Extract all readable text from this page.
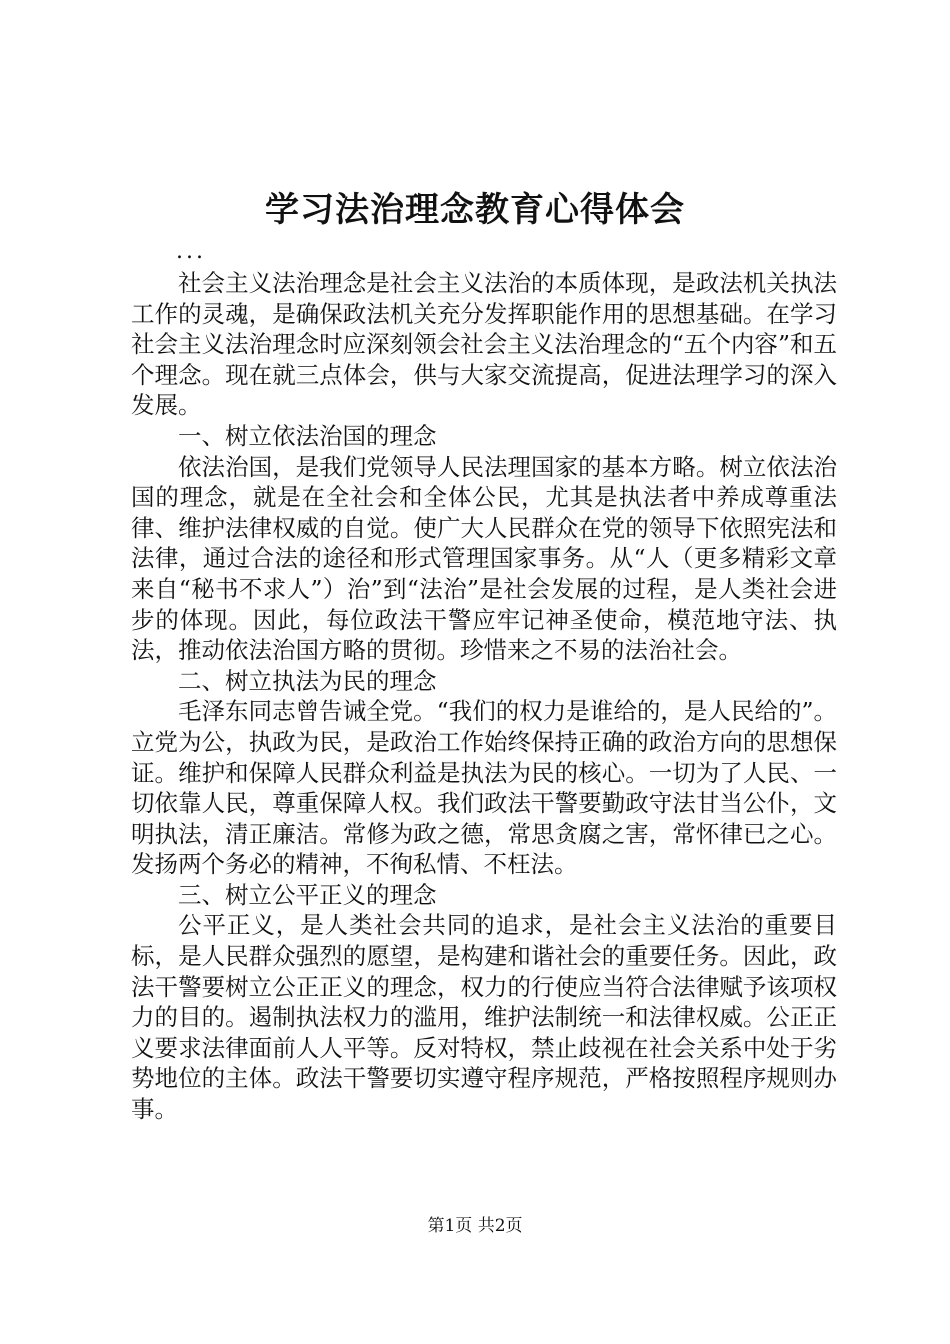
学习法治理念教育心得体会
...

社会主义法治理念是社会主义法治的本质体现，是政法机关执法工作的灵魂，是确保政法机关充分发挥职能作用的思想基础。在学习社会主义法治理念时应深刻领会社会主义法治理念的“五个内容”和五个理念。现在就三点体会，供与大家交流提高，促进法理学习的深入发展。

一、树立依法治国的理念

依法治国，是我们党领导人民法理国家的基本方略。树立依法治国的理念，就是在全社会和全体公民，尤其是执法者中养成尊重法律、维护法律权威的自觉。使广大人民群众在党的领导下依照宪法和法律，通过合法的途径和形式管理国家事务。从“人（更多精彩文章来自“秘书不求人”）治”到“法治”是社会发展的过程，是人类社会进步的体现。因此，每位政法干警应牢记神圣使命，模范地守法、执法，推动依法治国方略的贯彻。珍惜来之不易的法治社会。

二、树立执法为民的理念

毛泽东同志曾告诫全党。“我们的权力是谁给的，是人民给的”。立党为公，执政为民，是政治工作始终保持正确的政治方向的思想保证。维护和保障人民群众利益是执法为民的核心。一切为了人民、一切依靠人民，尊重保障人权。我们政法干警要勤政守法甘当公仆，文明执法，清正廉洁。常修为政之德，常思贪腐之害，常怀律已之心。发扬两个务必的精神，不徇私情、不枉法。

三、树立公平正义的理念

公平正义，是人类社会共同的追求，是社会主义法治的重要目标，是人民群众强烈的愿望，是构建和谐社会的重要任务。因此，政法干警要树立公正正义的理念，权力的行使应当符合法律赋予该项权力的目的。遏制执法权力的滥用，维护法制统一和法律权威。公正正义要求法律面前人人平等。反对特权，禁止歧视在社会关系中处于劣势地位的主体。政法干警要切实遵守程序规范，严格按照程序规则办事。

第1页 共2页
